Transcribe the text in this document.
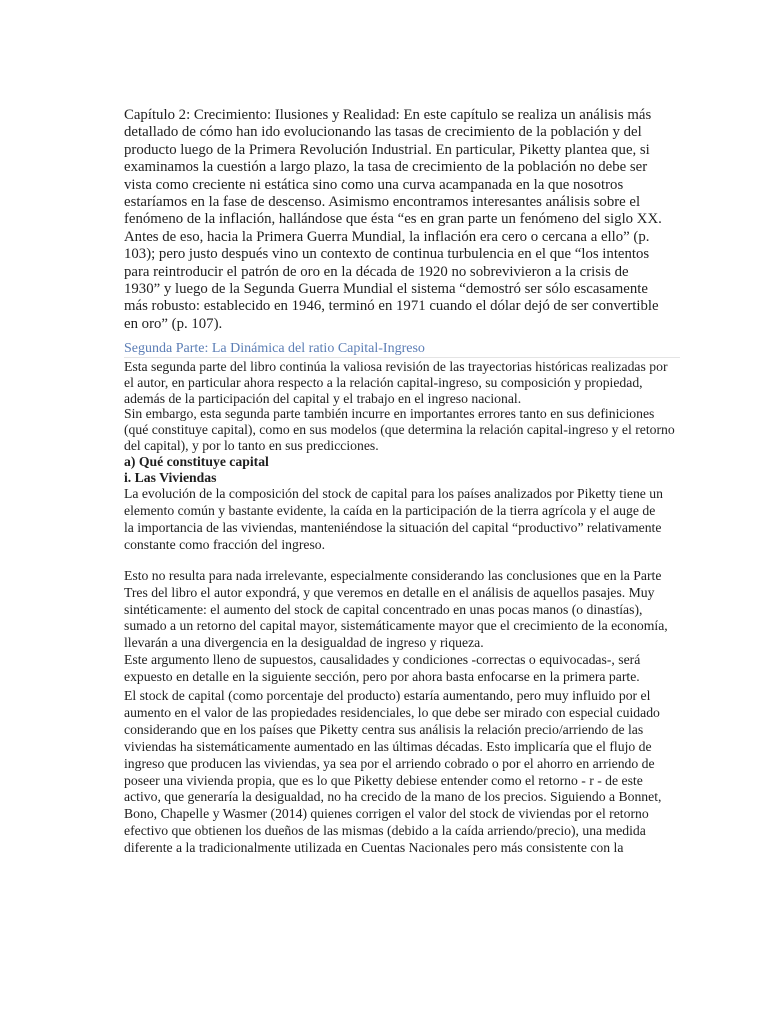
Capítulo 2: Crecimiento: Ilusiones y Realidad: En este capítulo se realiza un análisis más detallado de cómo han ido evolucionando las tasas de crecimiento de la población y del producto luego de la Primera Revolución Industrial. En particular, Piketty plantea que, si examinamos la cuestión a largo plazo, la tasa de crecimiento de la población no debe ser vista como creciente ni estática sino como una curva acampanada en la que nosotros estaríamos en la fase de descenso. Asimismo encontramos interesantes análisis sobre el fenómeno de la inflación, hallándose que ésta “es en gran parte un fenómeno del siglo XX. Antes de eso, hacia la Primera Guerra Mundial, la inflación era cero o cercana a ello” (p. 103); pero justo después vino un contexto de continua turbulencia en el que “los intentos para reintroducir el patrón de oro en la década de 1920 no sobrevivieron a la crisis de 1930” y luego de la Segunda Guerra Mundial el sistema “demostró ser sólo escasamente más robusto: establecido en 1946, terminó en 1971 cuando el dólar dejó de ser convertible en oro” (p. 107).

Segunda Parte: La Dinámica del ratio Capital-Ingreso

Esta segunda parte del libro continúa la valiosa revisión de las trayectorias históricas realizadas por el autor, en particular ahora respecto a la relación capital-ingreso, su composición y propiedad, además de la participación del capital y el trabajo en el ingreso nacional.

Sin embargo, esta segunda parte también incurre en importantes errores tanto en sus definiciones (qué constituye capital), como en sus modelos (que determina la relación capital-ingreso y el retorno del capital), y por lo tanto en sus predicciones.

a) Qué constituye capital

i. Las Viviendas

La evolución de la composición del stock de capital para los países analizados por Piketty tiene un elemento común y bastante evidente, la caída en la participación de la tierra agrícola y el auge de la importancia de las viviendas, manteniéndose la situación del capital “productivo” relativamente constante como fracción del ingreso.

Esto no resulta para nada irrelevante, especialmente considerando las conclusiones que en la Parte Tres del libro el autor expondrá, y que veremos en detalle en el análisis de aquellos pasajes. Muy sintéticamente: el aumento del stock de capital concentrado en unas pocas manos (o dinastías), sumado a un retorno del capital mayor, sistemáticamente mayor que el crecimiento de la economía, llevarán a una divergencia en la desigualdad de ingreso y riqueza.

Este argumento lleno de supuestos, causalidades y condiciones -correctas o equivocadas-, será expuesto en detalle en la siguiente sección, pero por ahora basta enfocarse en la primera parte.

El stock de capital (como porcentaje del producto) estaría aumentando, pero muy influido por el aumento en el valor de las propiedades residenciales, lo que debe ser mirado con especial cuidado considerando que en los países que Piketty centra sus análisis la relación precio/arriendo de las viviendas ha sistemáticamente aumentado en las últimas décadas. Esto implicaría que el flujo de ingreso que producen las viviendas, ya sea por el arriendo cobrado o por el ahorro en arriendo de poseer una vivienda propia, que es lo que Piketty debiese entender como el retorno - r - de este activo, que generaría la desigualdad, no ha crecido de la mano de los precios. Siguiendo a Bonnet, Bono, Chapelle y Wasmer (2014) quienes corrigen el valor del stock de viviendas por el retorno efectivo que obtienen los dueños de las mismas (debido a la caída arriendo/precio), una medida diferente a la tradicionalmente utilizada en Cuentas Nacionales pero más consistente con la
